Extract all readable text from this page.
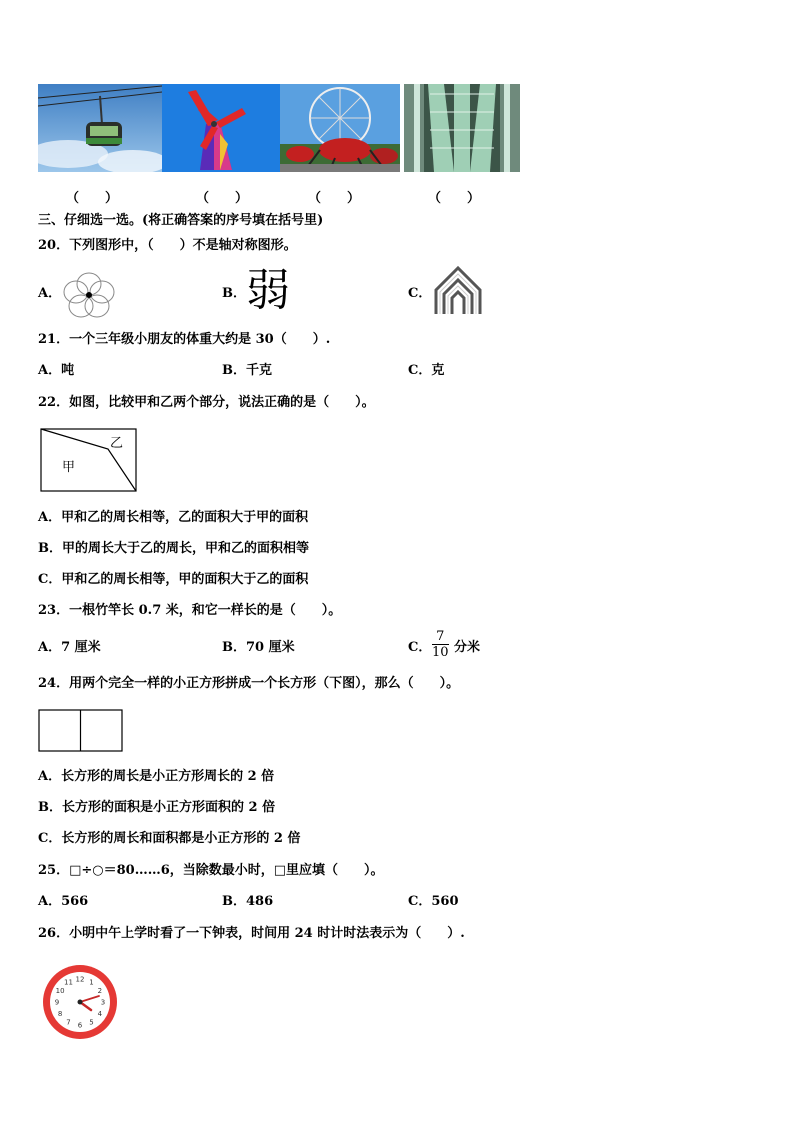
（　　）	（　　）	（　　）	（　　）
三、仔细选一选。(将正确答案的序号填在括号里)
20．下列图形中，（　　）不是轴对称图形。
A．	B． 弱	C．
21．一个三年级小朋友的体重大约是 30（　　）.
A．吨	B．千克	C．克
22．如图，比较甲和乙两个部分，说法正确的是（　　）。
甲
乙
A．甲和乙的周长相等，乙的面积大于甲的面积
B．甲的周长大于乙的周长，甲和乙的面积相等
C．甲和乙的周长相等，甲的面积大于乙的面积
23．一根竹竿长 0.7 米，和它一样长的是（　　）。
A．7 厘米	B．70 厘米	C． $\frac{7}{10}$ 分米
24．用两个完全一样的小正方形拼成一个长方形（下图），那么（　　）。
A．长方形的周长是小正方形周长的 2 倍
B．长方形的面积是小正方形面积的 2 倍
C．长方形的周长和面积都是小正方形的 2 倍
25．□÷○＝80……6，当除数最小时，□里应填（　　）。
A．566	B．486	C．560
26．小明中午上学时看了一下钟表，时间用 24 时计时法表示为（　　）.
12 1
2
3
4
5
6
7
8
9
10
11
